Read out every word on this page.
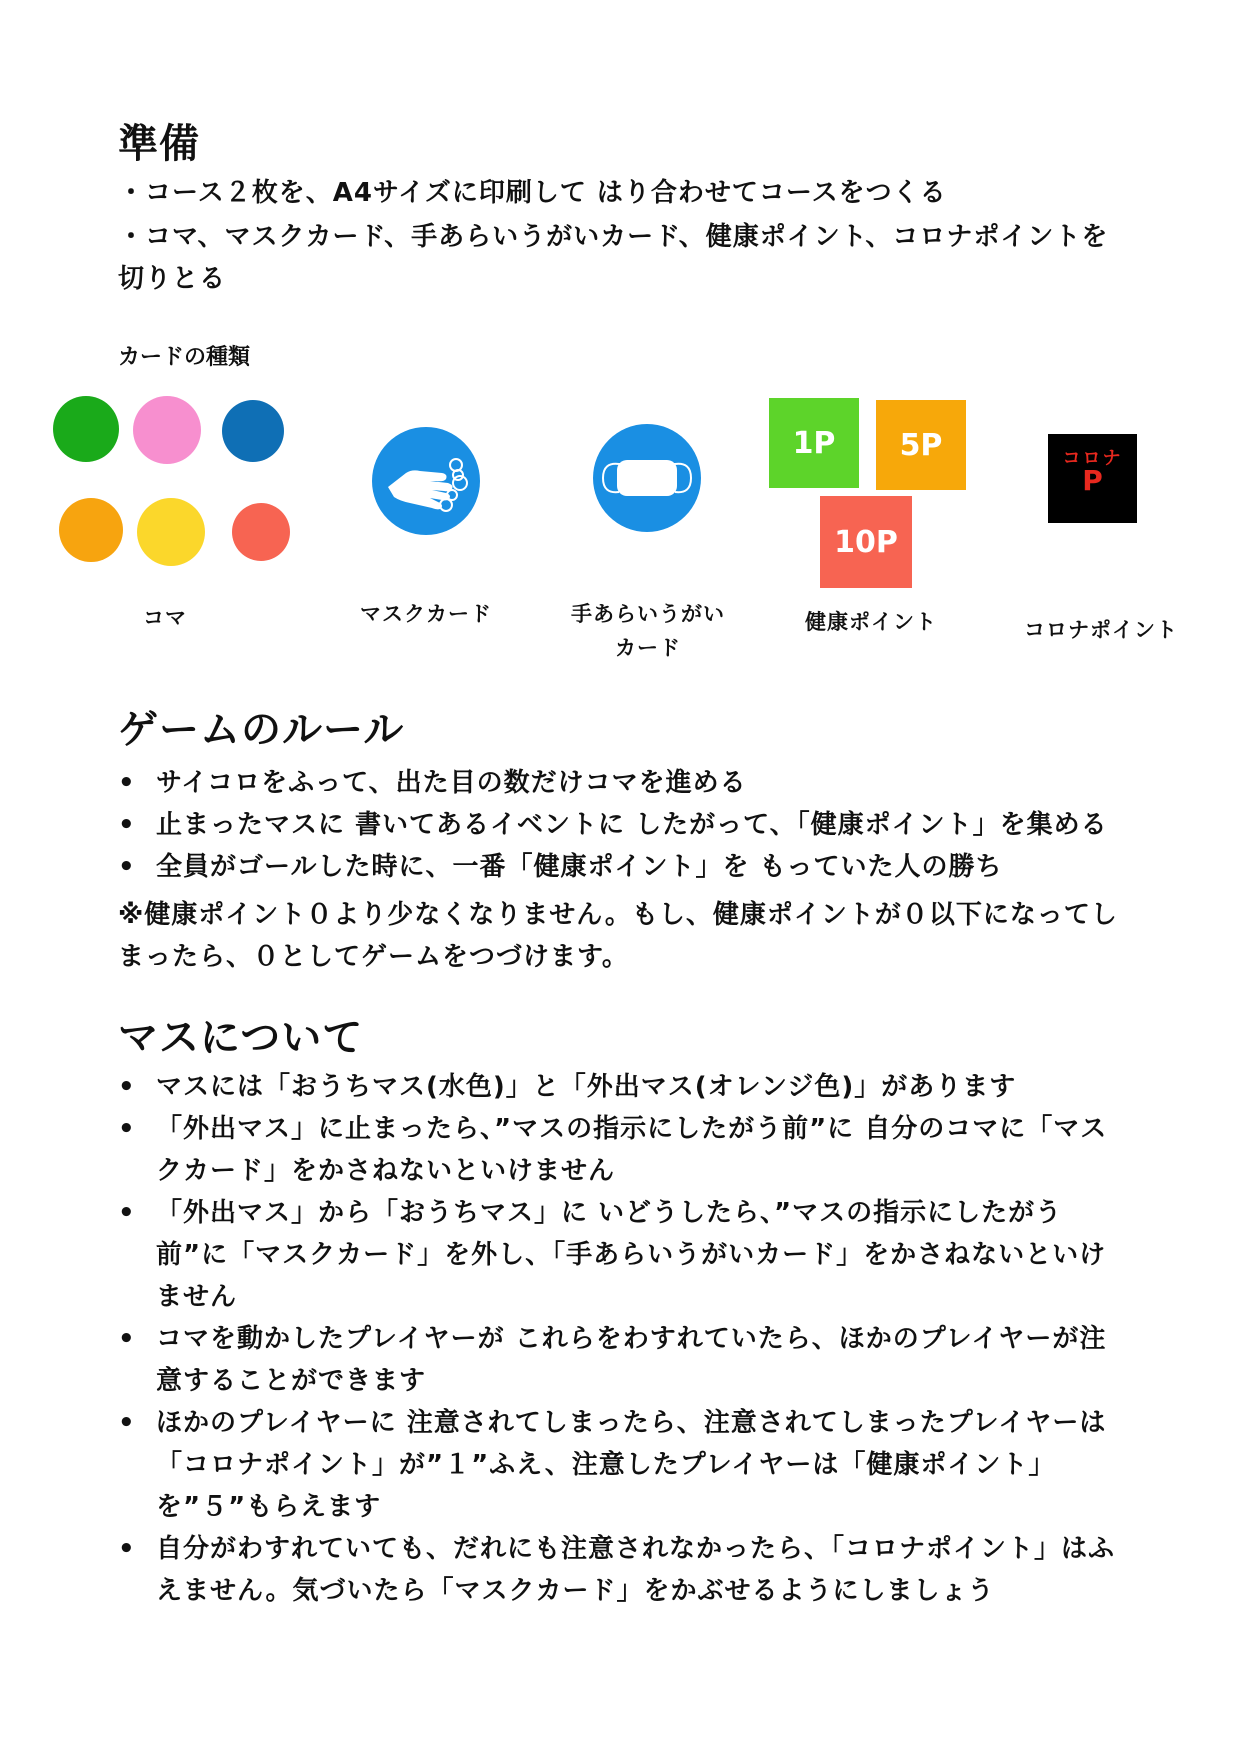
準備
・コース２枚を、A4サイズに印刷して はり合わせてコースをつくる
・コマ、マスクカード、手あらいうがいカード、健康ポイント、コロナポイントを
切りとる
カードの種類
マスクカード	手あらいうがい
カード
1P	5P
10P
健康ポイント
コロナ
P
コロナポイント
コマ
ゲームのルール
• サイコロをふって、出た目の数だけコマを進める
• 止まったマスに 書いてあるイベントに したがって、「健康ポイント」を集める
• 全員がゴールした時に、一番「健康ポイント」を もっていた人の勝ち
※健康ポイント０より少なくなりません。もし、健康ポイントが０以下になってし
まったら、０としてゲームをつづけます。
マスについて
• マスには「おうちマス(水色)」と「外出マス(オレンジ色)」があります
• 「外出マス」に止まったら、”マスの指示にしたがう前”に 自分のコマに「マスクカード」をかさねないといけません
• 「外出マス」から「おうちマス」に いどうしたら、”マスの指示にしたがう前”に「マスクカード」を外し、「手あらいうがいカード」をかさねないといけません
• コマを動かしたプレイヤーが これらをわすれていたら、ほかのプレイヤーが注意することができます
• ほかのプレイヤーに 注意されてしまったら、注意されてしまったプレイヤーは「コロナポイント」が”１”ふえ、注意したプレイヤーは「健康ポイント」を”５”もらえます
• 自分がわすれていても、だれにも注意されなかったら、「コロナポイント」はふえません。気づいたら「マスクカード」をかぶせるようにしましょう
